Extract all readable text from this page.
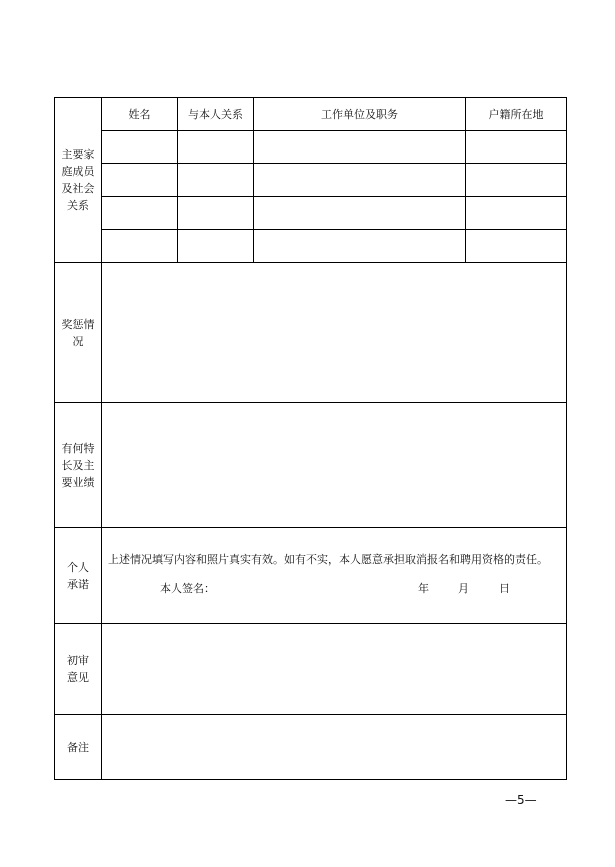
主要家庭成员及社会关系	姓名	与本人关系	工作单位及职务	户籍所在地

奖惩情况				
有何特长及主要业绩				
个人承诺	上述情况填写内容和照片真实有效。如有不实，本人愿意承担取消报名和聘用资格的责任。
本人签名： 年 月 日			

初审意见				
备注				
—5—
